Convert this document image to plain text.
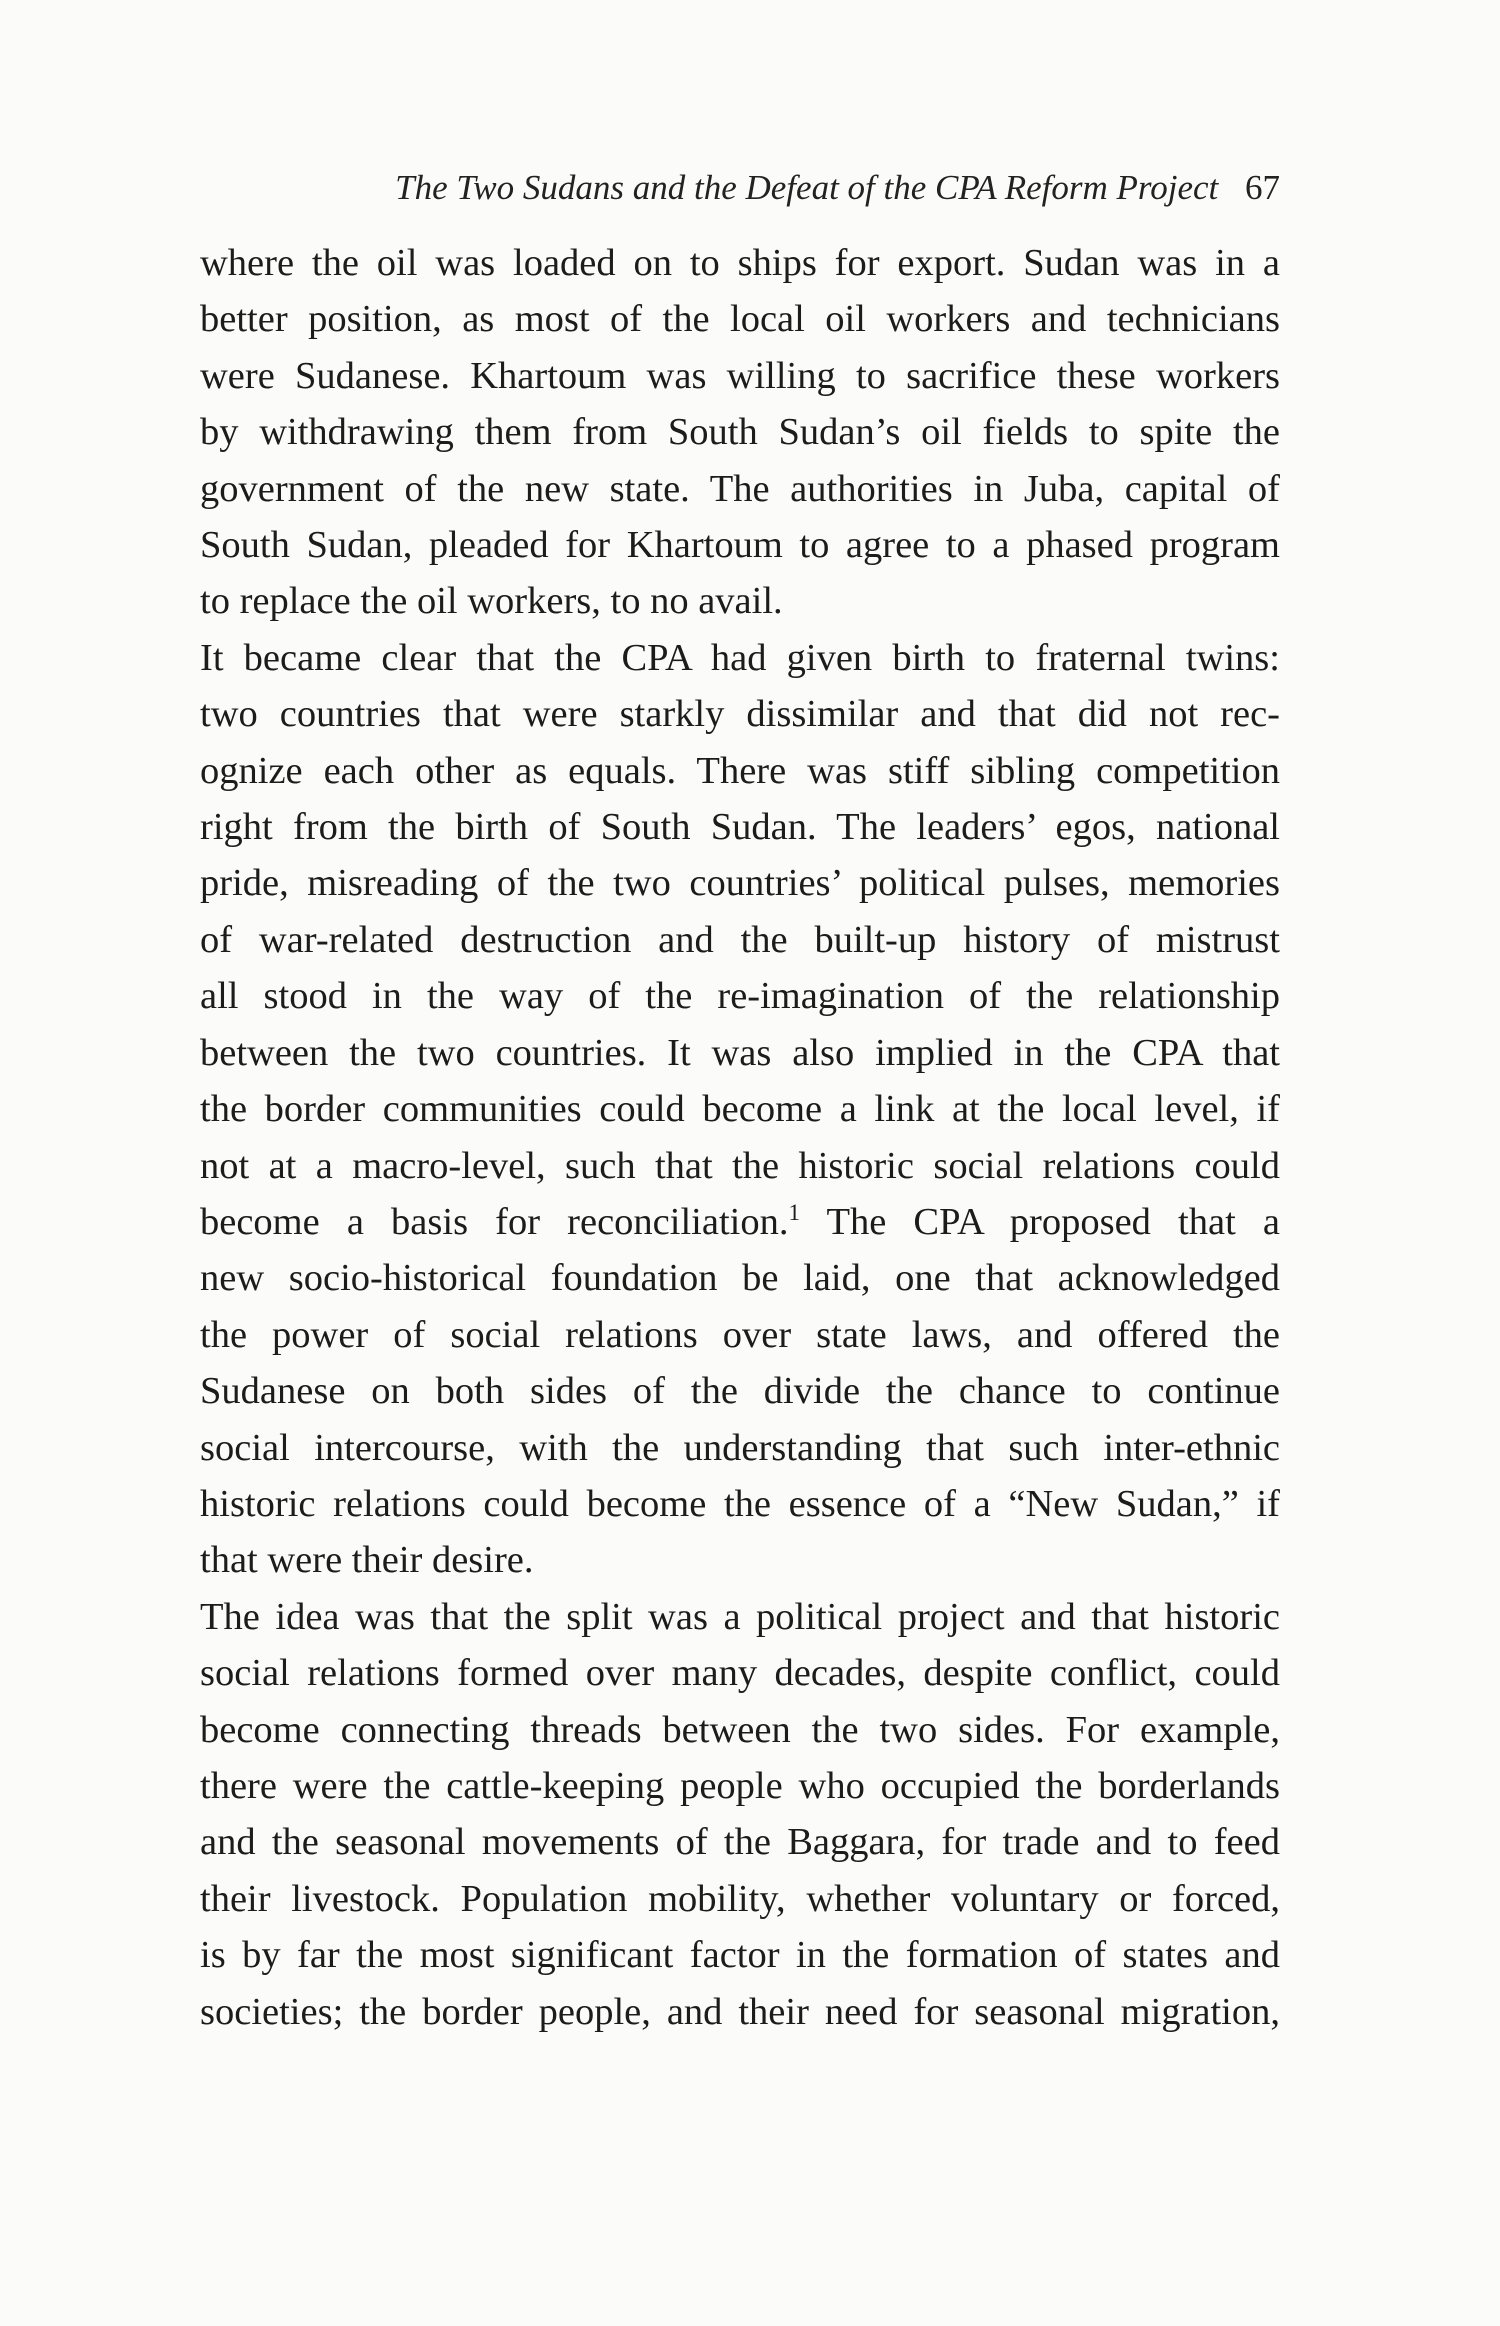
The Two Sudans and the Defeat of the CPA Reform Project 67

where the oil was loaded on to ships for export. Sudan was in a
better position, as most of the local oil workers and technicians
were Sudanese. Khartoum was willing to sacrifice these workers
by withdrawing them from South Sudan’s oil fields to spite the
government of the new state. The authorities in Juba, capital of
South Sudan, pleaded for Khartoum to agree to a phased program
to replace the oil workers, to no avail.

It became clear that the CPA had given birth to fraternal twins:
two countries that were starkly dissimilar and that did not rec-
ognize each other as equals. There was stiff sibling competition
right from the birth of South Sudan. The leaders’ egos, national
pride, misreading of the two countries’ political pulses, memories
of war-related destruction and the built-up history of mistrust
all stood in the way of the re-imagination of the relationship
between the two countries. It was also implied in the CPA that
the border communities could become a link at the local level, if
not at a macro-level, such that the historic social relations could
become a basis for reconciliation.$^1$ The CPA proposed that a
new socio-historical foundation be laid, one that acknowledged
the power of social relations over state laws, and offered the
Sudanese on both sides of the divide the chance to continue
social intercourse, with the understanding that such inter-ethnic
historic relations could become the essence of a “New Sudan,” if
that were their desire.

The idea was that the split was a political project and that historic
social relations formed over many decades, despite conflict, could
become connecting threads between the two sides. For example,
there were the cattle-keeping people who occupied the borderlands
and the seasonal movements of the Baggara, for trade and to feed
their livestock. Population mobility, whether voluntary or forced,
is by far the most significant factor in the formation of states and
societies; the border people, and their need for seasonal migration,
